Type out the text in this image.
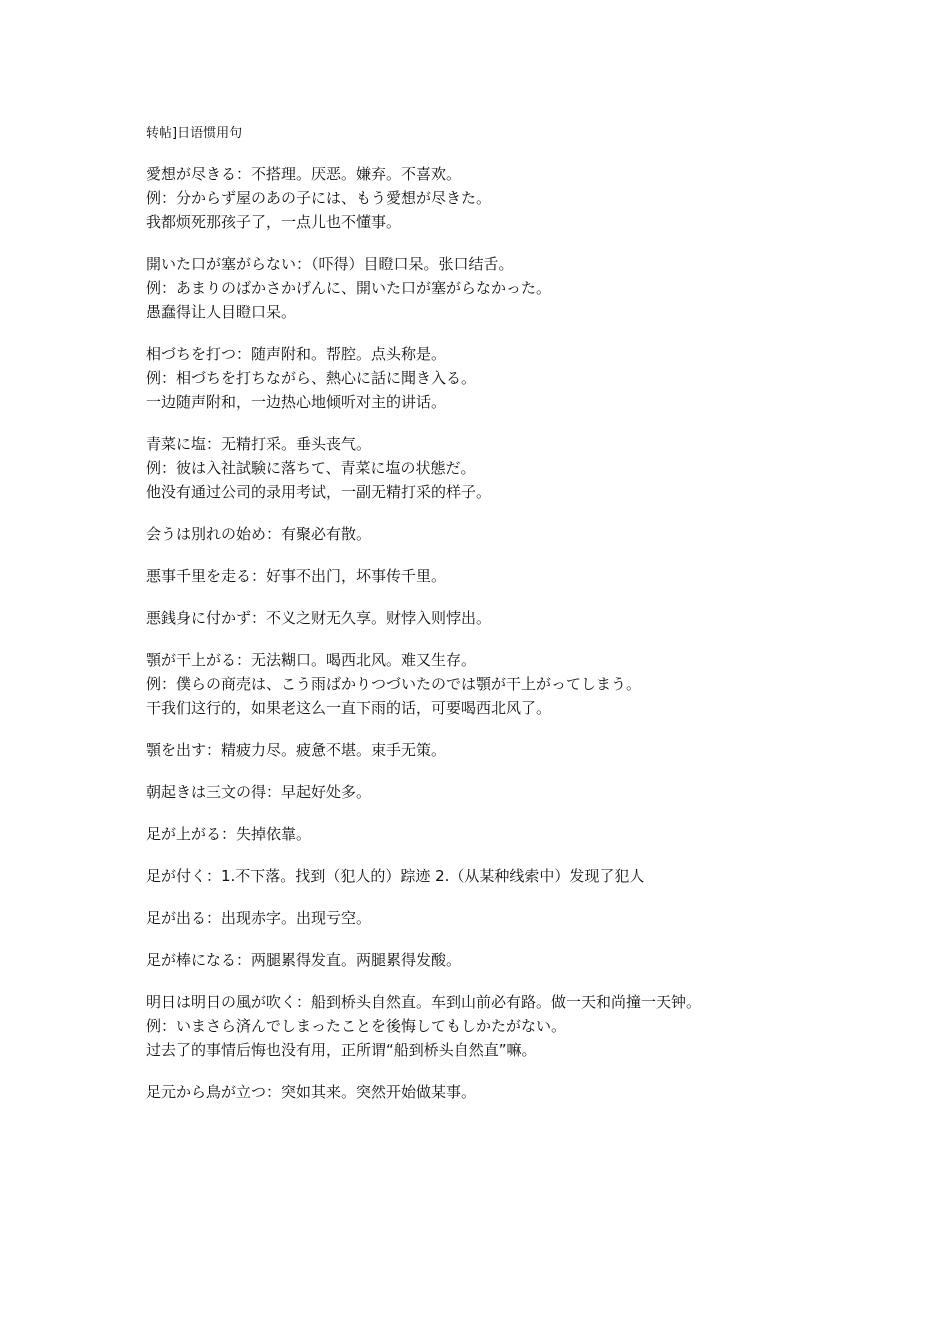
转帖]日语惯用句
愛想が尽きる：不搭理。厌恶。嫌弃。不喜欢。
例：分からず屋のあの子には、もう愛想が尽きた。
我都烦死那孩子了，一点儿也不懂事。
開いた口が塞がらない：（吓得）目瞪口呆。张口结舌。
例：あまりのばかさかげんに、開いた口が塞がらなかった。
愚蠢得让人目瞪口呆。
相づちを打つ：随声附和。帮腔。点头称是。
例：相づちを打ちながら、熱心に話に聞き入る。
一边随声附和，一边热心地倾听对主的讲话。
青菜に塩：无精打采。垂头丧气。
例：彼は入社試験に落ちて、青菜に塩の状態だ。
他没有通过公司的录用考试，一副无精打采的样子。
会うは別れの始め：有聚必有散。
悪事千里を走る：好事不出门，坏事传千里。
悪銭身に付かず：不义之财无久享。财悖入则悖出。
顎が干上がる：无法糊口。喝西北风。难又生存。
例：僕らの商売は、こう雨ばかりつづいたのでは顎が干上がってしまう。
干我们这行的，如果老这么一直下雨的话，可要喝西北风了。
顎を出す：精疲力尽。疲惫不堪。束手无策。
朝起きは三文の得：早起好处多。
足が上がる：失掉依靠。
足が付く：1.不下落。找到（犯人的）踪迹 2.（从某种线索中）发现了犯人
足が出る：出现赤字。出现亏空。
足が棒になる：两腿累得发直。两腿累得发酸。
明日は明日の風が吹く：船到桥头自然直。车到山前必有路。做一天和尚撞一天钟。
例：いまさら済んでしまったことを後悔してもしかたがない。
过去了的事情后悔也没有用，正所谓“船到桥头自然直”嘛。
足元から鳥が立つ：突如其来。突然开始做某事。
